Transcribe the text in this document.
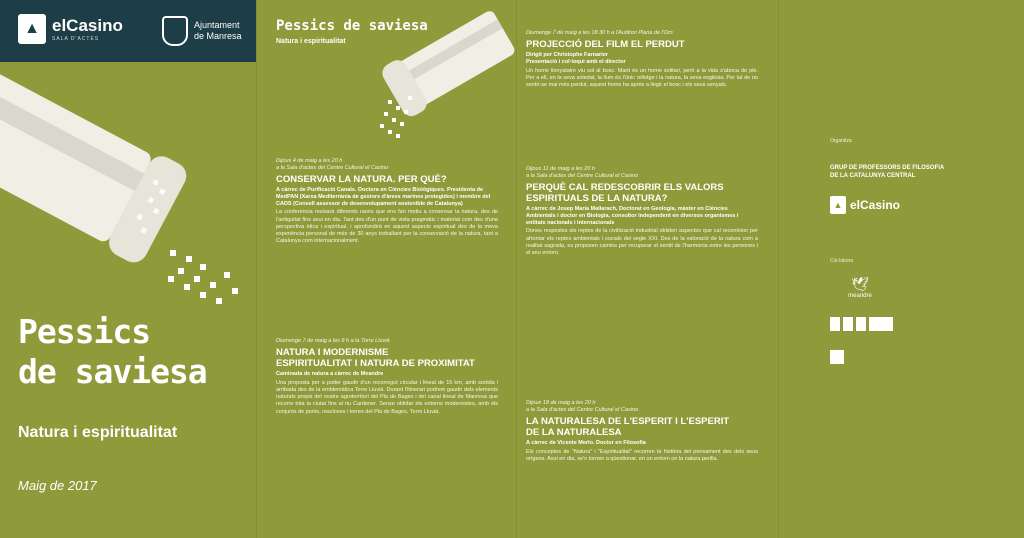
▲ elCasino
SALA D'ACTES
Ajuntament
de Manresa
Pessics
de saviesa
Natura i espiritualitat
Maig de 2017
Pessics de saviesa
Natura i espiritualitat
Dijous 4 de maig a les 20 h
a la Sala d'actes del Centre Cultural el Casino
CONSERVAR LA NATURA. PER QUÈ?
A càrrec de Purificació Canals. Doctora en Ciències Biològiques. Presidenta de MedPAN (Xarxa Mediterrània de gestors d'àrees marines protegides) i membre del CADS (Consell assessor de desenvolupament sostenible de Catalunya)
La conferència revisarà diferents raons que ens fan motiu a conservar la natura, des de l'antiguitat fins avui en dia. Tant des d'un punt de vista pragmàtic i material com des d'una perspectiva ètica i espiritual, i aprofundirà en aquest aspecte espiritual des de la meva experiència personal de més de 30 anys treballant per la conservació de la natura, tant a Catalunya com internacionalment.
Diumenge 7 de maig a les 9 h a la Torre Lluvià
NATURA I MODERNISME
ESPIRITUALITAT I NATURA DE PROXIMITAT
Caminada de natura a càrrec de Meandre
Una proposta per a poder gaudir d'un recorregut circular i lineal de 15 km, amb sortida i arribada des de la emblemàtica Torre Lluvià. Durant l'itinerari podrem gaudir dels elements naturals propis del nostre agroterritori del Pla de Bages i del canal lineal de Manresa que recorre tota la ciutat fins al riu Cardener. Sense oblidar els entorns modernistes, amb els conjunts de ponts, rescloses i torres del Pla de Bages, Torre Lluvià.
Diumenge 7 de maig a les 18.30 h a l'Auditori Plana de l'Om
PROJECCIÓ DEL FILM EL PERDUT
Dirigit per Christophe Farnarier
Presentació i col·loqui amb el director
Un home llenyataire viu sol al bosc. Marit és un home solitari, però a la vida s'aboca de ple. Per a ell, en la seva soledat, la llum és l'únic rellotge i la natura, la seva església. Per tal de no sentir-se mai més perdut, aquest home ha après a llegir el bosc i els seus senyals.
Dijous 11 de maig a les 20 h
a la Sala d'actes del Centre Cultural el Casino
PERQUÈ CAL REDESCOBRIR ELS VALORS
ESPIRITUALS DE LA NATURA?
A càrrec de Josep Maria Mallarach, Doctorat en Geologia, màster en Ciències Ambientals i doctor en Biologia, consultor independent en diversos organismes i entitats nacionals i internacionals
Dones respostes als reptes de la civilització industrial obliden aspectes que cal reconèixer per afrontar els reptes ambientals i socials del segle XXI. Des de la valoració de la natura com a realitat sagrada, es proposen camins per recuperar el sentit de l'harmonia entre les persones i el seu entorn.
Dijous 18 de maig a les 20 h
a la Sala d'actes del Centre Cultural el Casino
LA NATURALESA DE L'ESPERIT I L'ESPERIT
DE LA NATURALESA
A càrrec de Vicente Merlo. Doctor en Filosofia
Els conceptes de "Natura" i "Espiritualitat" recorren la història del pensament des dels seus orígens. Avui en dia, se'n tornen a qüestionar, en un entorn on la natura perilla.
Organitza
GRUP DE PROFESSORS DE FILOSOFIA
DE LA CATALUNYA CENTRAL
▲ elCasino
Col·labora
🕊
meandre
